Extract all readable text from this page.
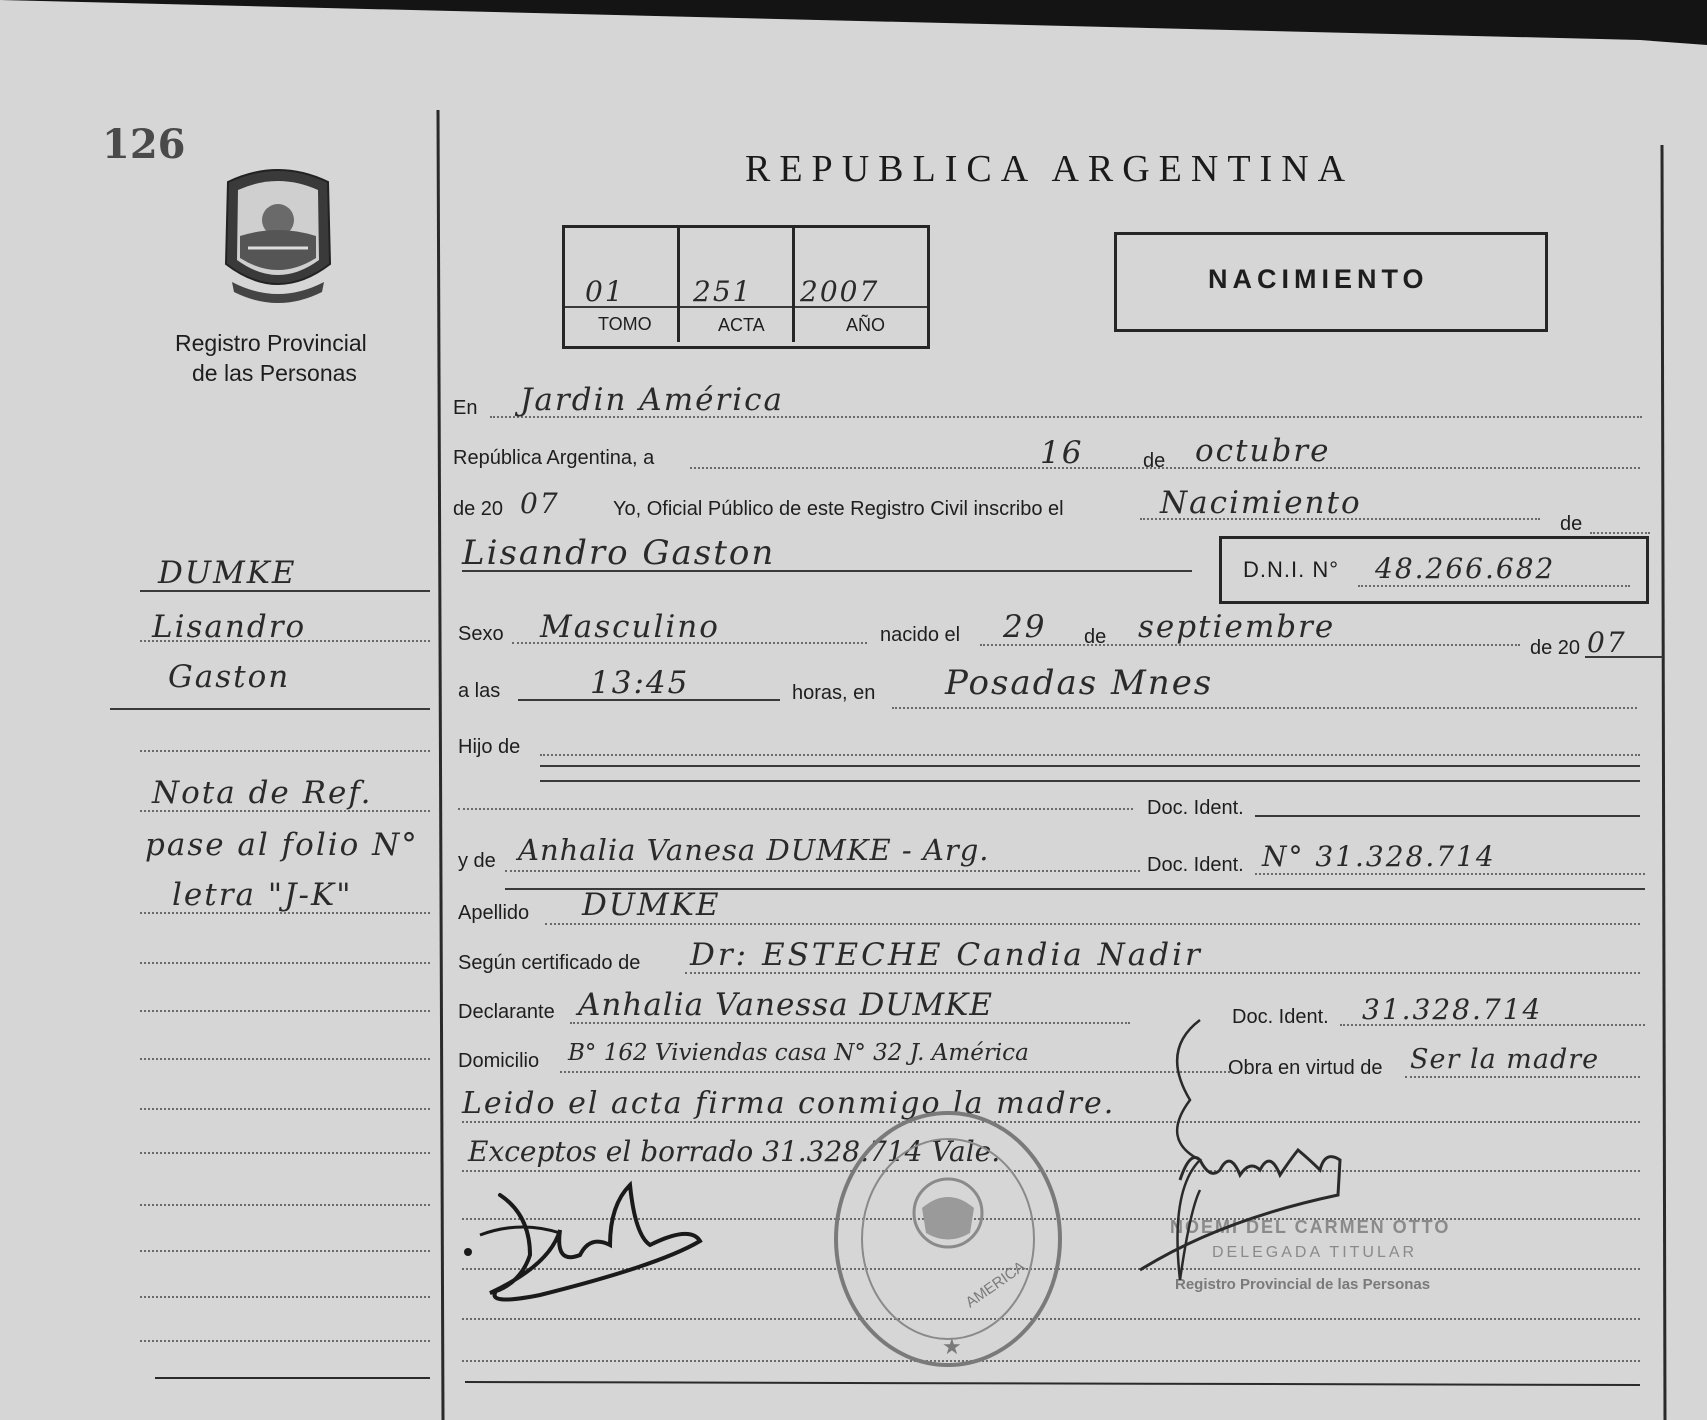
126
Registro Provincial
de las Personas
REPUBLICA ARGENTINA
01 251 2007
TOMO	ACTA	AÑO
NACIMIENTO
En Jardin América
República Argentina, a	16	de octubre
de 20 07	Yo, Oficial Público de este Registro Civil inscribo el	Nacimiento
de
Lisandro Gaston	D.N.I. N° 48.266.682
Sexo Masculino	nacido el 29 de septiembre
de 20 07
a las	13:45	horas, en Posadas Mnes
Hijo de
Doc. Ident.
y de Anhalia Vanesa DUMKE - Arg.	Doc. Ident. N° 31.328.714
Apellido DUMKE
Según certificado de Dr: ESTECHE Candia Nadir
Declarante Anhalia Vanessa DUMKE	Doc. Ident. 31.328.714
Domicilio B° 162 Viviendas casa N° 32 J. América
Obra en virtud de Ser la madre
Leido el acta firma conmigo la madre.
Exceptos el borrado 31.328.714 Vale.
DUMKE
Lisandro
Gaston
Nota de Ref.
pase al folio N°
letra "J-K"
AMERICA
★
NOEMI DEL CARMEN OTTO
DELEGADA TITULAR
Registro Provincial de las Personas
